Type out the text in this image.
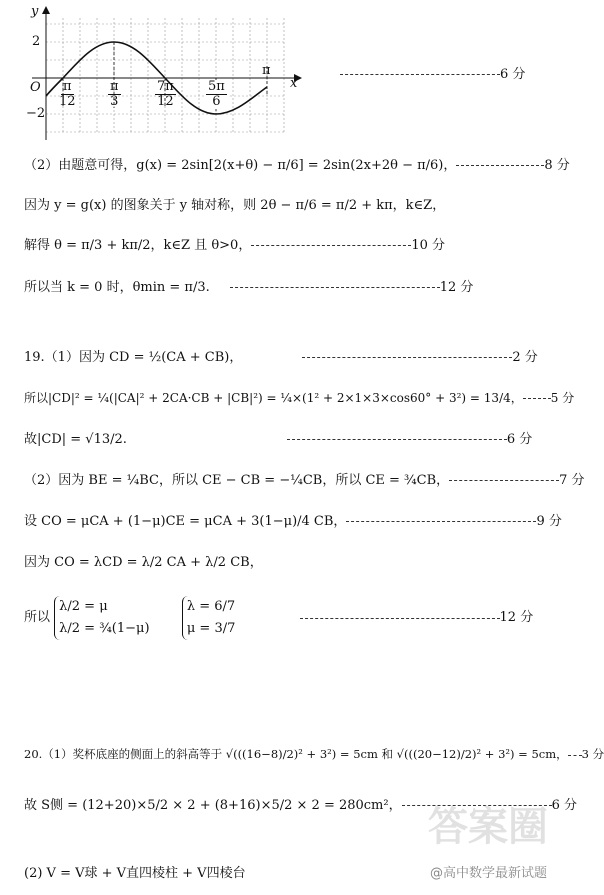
y
x
O
2
−2
π
$\frac{\pi}{12} \frac{\pi}{3}$	$\frac{7\pi}{12} \frac{5\pi}{6}$
6 分
（2）由题意可得，g(x) = 2sin[2(x+θ) − π/6] = 2sin(2x+2θ − π/6)，	8 分
因为 y = g(x) 的图象关于 y 轴对称，则 2θ − π/6 = π/2 + kπ，k∈Z，
解得 θ = π/3 + kπ/2，k∈Z 且 θ>0，	10 分
所以当 k = 0 时，θmin = π/3.	12 分
19.（1）因为 CD = ½(CA + CB)，	2 分
所以|CD|² = ¼(|CA|² + 2CA·CB + |CB|²) = ¼×(1² + 2×1×3×cos60° + 3²) = 13/4， 5 分
故|CD| = √13/2.	6 分
（2）因为 BE = ¼BC，所以 CE − CB = −¼CB，所以 CE = ¾CB，	7 分
设 CO = μCA + (1−μ)CE = μCA + 3(1−μ)/4 CB，	9 分
因为 CO = λCD = λ/2 CA + λ/2 CB，
所以
λ/2 = μ
λ/2 = ¾(1−μ)

λ = 6/7
μ = 3/7
12 分
20.（1）奖杯底座的侧面上的斜高等于 √(((16−8)/2)² + 3²) = 5cm 和 √(((20−12)/2)² + 3²) = 5cm， 3 分
故 S侧 = (12+20)×5/2 × 2 + (8+16)×5/2 × 2 = 280cm²，	6 分
(2) V = V球 + V直四棱柱 + V四棱台
答案圈
@高中数学最新试题
